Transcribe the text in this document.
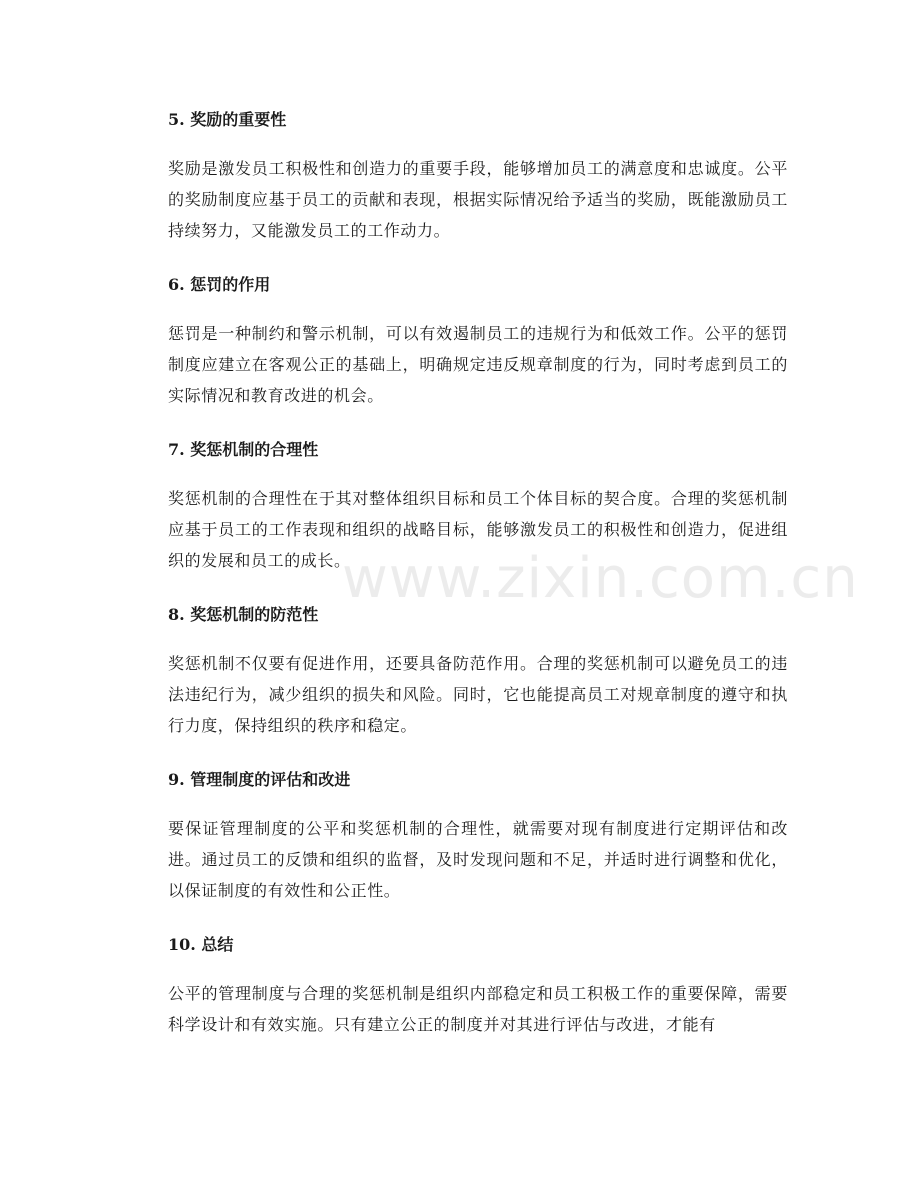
5. 奖励的重要性

奖励是激发员工积极性和创造力的重要手段，能够增加员工的满意度和忠诚度。公平的奖励制度应基于员工的贡献和表现，根据实际情况给予适当的奖励，既能激励员工持续努力，又能激发员工的工作动力。

6. 惩罚的作用

惩罚是一种制约和警示机制，可以有效遏制员工的违规行为和低效工作。公平的惩罚制度应建立在客观公正的基础上，明确规定违反规章制度的行为，同时考虑到员工的实际情况和教育改进的机会。

7. 奖惩机制的合理性

奖惩机制的合理性在于其对整体组织目标和员工个体目标的契合度。合理的奖惩机制应基于员工的工作表现和组织的战略目标，能够激发员工的积极性和创造力，促进组织的发展和员工的成长。

8. 奖惩机制的防范性

奖惩机制不仅要有促进作用，还要具备防范作用。合理的奖惩机制可以避免员工的违法违纪行为，减少组织的损失和风险。同时，它也能提高员工对规章制度的遵守和执行力度，保持组织的秩序和稳定。

9. 管理制度的评估和改进

要保证管理制度的公平和奖惩机制的合理性，就需要对现有制度进行定期评估和改进。通过员工的反馈和组织的监督，及时发现问题和不足，并适时进行调整和优化，以保证制度的有效性和公正性。

10. 总结

公平的管理制度与合理的奖惩机制是组织内部稳定和员工积极工作的重要保障，需要科学设计和有效实施。只有建立公正的制度并对其进行评估与改进，才能有

www.zixin.com.cn
